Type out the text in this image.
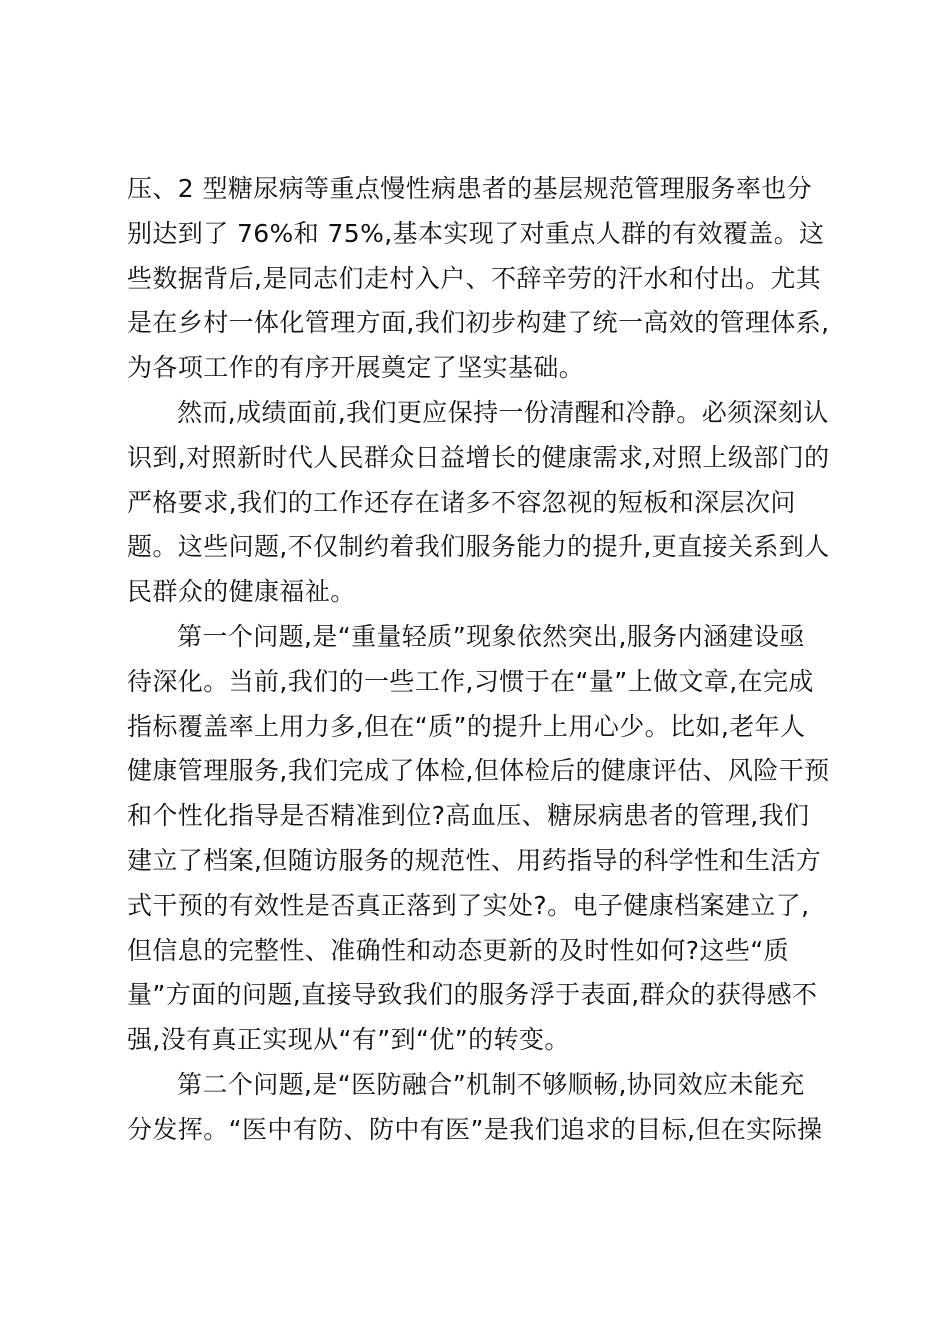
压、2 型糖尿病等重点慢性病患者的基层规范管理服务率也分
别达到了 76%和 75%,基本实现了对重点人群的有效覆盖。这
些数据背后,是同志们走村入户、不辞辛劳的汗水和付出。尤其
是在乡村一体化管理方面,我们初步构建了统一高效的管理体系,
为各项工作的有序开展奠定了坚实基础。
然而,成绩面前,我们更应保持一份清醒和冷静。必须深刻认
识到,对照新时代人民群众日益增长的健康需求,对照上级部门的
严格要求,我们的工作还存在诸多不容忽视的短板和深层次问
题。这些问题,不仅制约着我们服务能力的提升,更直接关系到人
民群众的健康福祉。
第一个问题,是“重量轻质”现象依然突出,服务内涵建设亟
待深化。当前,我们的一些工作,习惯于在“量”上做文章,在完成
指标覆盖率上用力多,但在“质”的提升上用心少。比如,老年人
健康管理服务,我们完成了体检,但体检后的健康评估、风险干预
和个性化指导是否精准到位?高血压、糖尿病患者的管理,我们
建立了档案,但随访服务的规范性、用药指导的科学性和生活方
式干预的有效性是否真正落到了实处?。电子健康档案建立了,
但信息的完整性、准确性和动态更新的及时性如何?这些“质
量”方面的问题,直接导致我们的服务浮于表面,群众的获得感不
强,没有真正实现从“有”到“优”的转变。
第二个问题,是“医防融合”机制不够顺畅,协同效应未能充
分发挥。“医中有防、防中有医”是我们追求的目标,但在实际操
